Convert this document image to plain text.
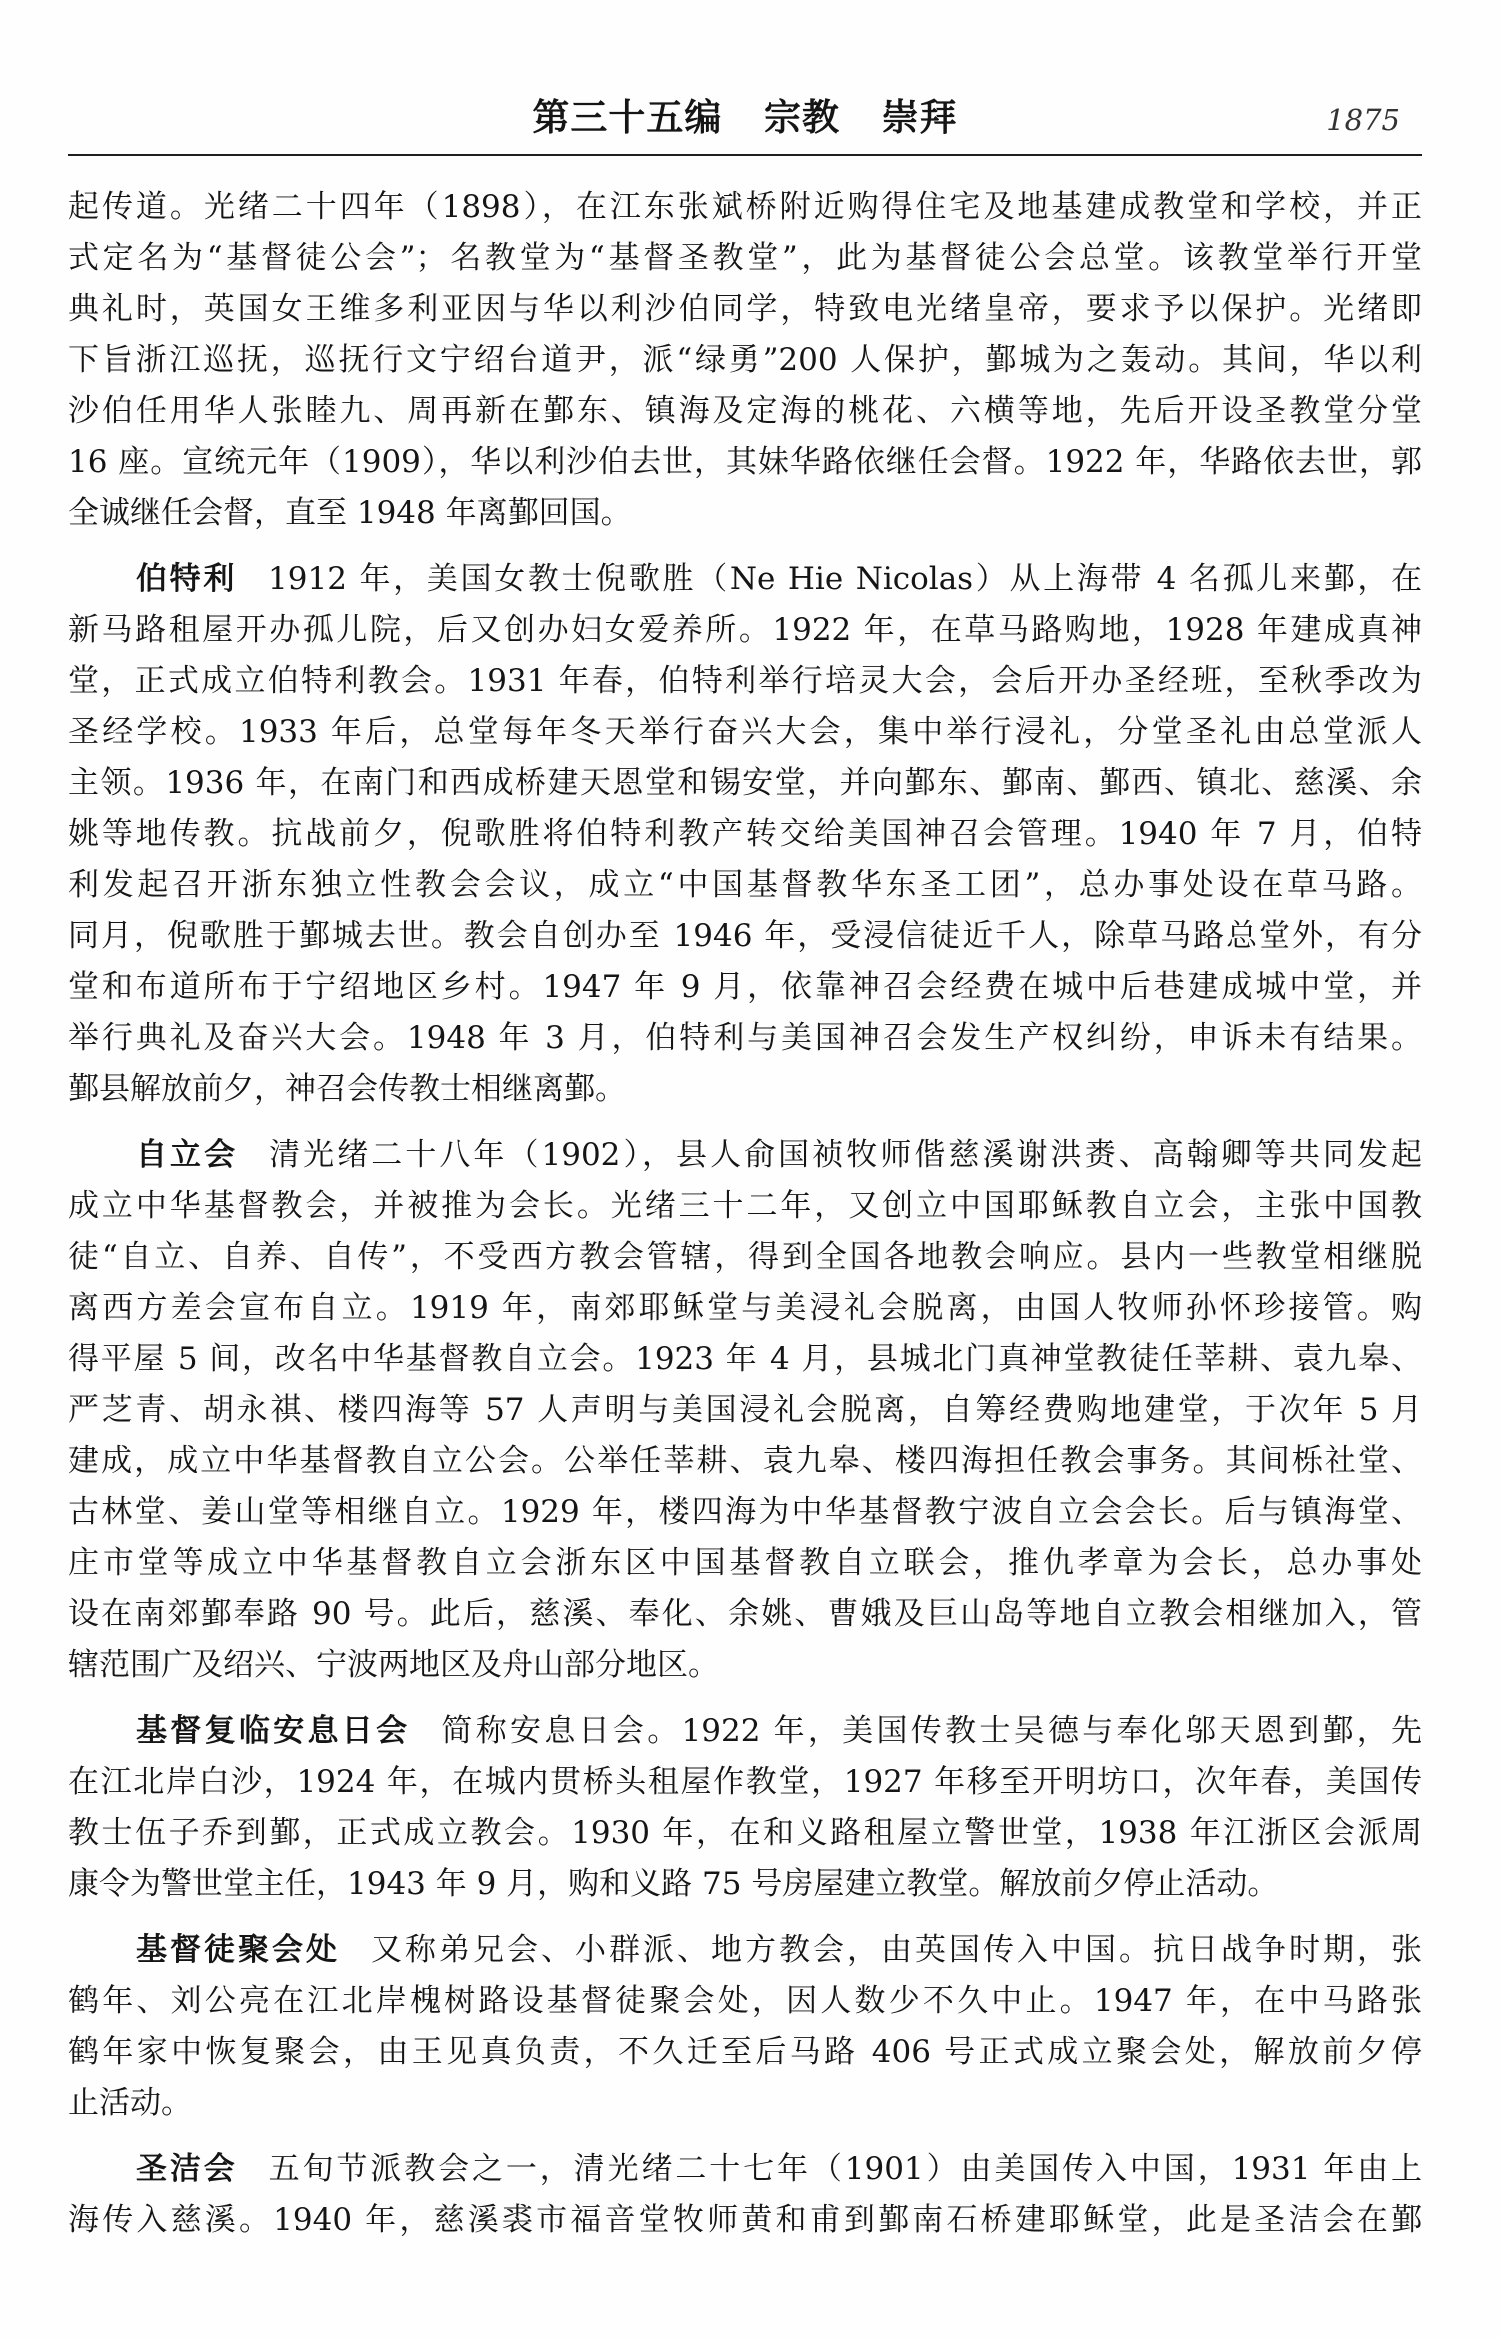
第三十五编 宗教 崇拜	1875
起传道。光绪二十四年（1898），在江东张斌桥附近购得住宅及地基建成教堂和学校，并正
式定名为“基督徒公会”；名教堂为“基督圣教堂”，此为基督徒公会总堂。该教堂举行开堂
典礼时，英国女王维多利亚因与华以利沙伯同学，特致电光绪皇帝，要求予以保护。光绪即
下旨浙江巡抚，巡抚行文宁绍台道尹，派“绿勇”200 人保护，鄞城为之轰动。其间，华以利
沙伯任用华人张睦九、周再新在鄞东、镇海及定海的桃花、六横等地，先后开设圣教堂分堂
16 座。宣统元年（1909），华以利沙伯去世，其妹华路依继任会督。1922 年，华路依去世，郭
全诚继任会督，直至 1948 年离鄞回国。
伯特利 1912 年，美国女教士倪歌胜（Ne Hie Nicolas）从上海带 4 名孤儿来鄞，在
新马路租屋开办孤儿院，后又创办妇女爱养所。1922 年，在草马路购地，1928 年建成真神
堂，正式成立伯特利教会。1931 年春，伯特利举行培灵大会，会后开办圣经班，至秋季改为
圣经学校。1933 年后，总堂每年冬天举行奋兴大会，集中举行浸礼，分堂圣礼由总堂派人
主领。1936 年，在南门和西成桥建天恩堂和锡安堂，并向鄞东、鄞南、鄞西、镇北、慈溪、余
姚等地传教。抗战前夕，倪歌胜将伯特利教产转交给美国神召会管理。1940 年 7 月，伯特
利发起召开浙东独立性教会会议，成立“中国基督教华东圣工团”，总办事处设在草马路。
同月，倪歌胜于鄞城去世。教会自创办至 1946 年，受浸信徒近千人，除草马路总堂外，有分
堂和布道所布于宁绍地区乡村。1947 年 9 月，依靠神召会经费在城中后巷建成城中堂，并
举行典礼及奋兴大会。1948 年 3 月，伯特利与美国神召会发生产权纠纷，申诉未有结果。
鄞县解放前夕，神召会传教士相继离鄞。
自立会 清光绪二十八年（1902），县人俞国祯牧师偕慈溪谢洪赉、高翰卿等共同发起
成立中华基督教会，并被推为会长。光绪三十二年，又创立中国耶稣教自立会，主张中国教
徒“自立、自养、自传”，不受西方教会管辖，得到全国各地教会响应。县内一些教堂相继脱
离西方差会宣布自立。1919 年，南郊耶稣堂与美浸礼会脱离，由国人牧师孙怀珍接管。购
得平屋 5 间，改名中华基督教自立会。1923 年 4 月，县城北门真神堂教徒任莘耕、袁九皋、
严芝青、胡永祺、楼四海等 57 人声明与美国浸礼会脱离，自筹经费购地建堂，于次年 5 月
建成，成立中华基督教自立公会。公举任莘耕、袁九皋、楼四海担任教会事务。其间栎社堂、
古林堂、姜山堂等相继自立。1929 年，楼四海为中华基督教宁波自立会会长。后与镇海堂、
庄市堂等成立中华基督教自立会浙东区中国基督教自立联会，推仇孝章为会长，总办事处
设在南郊鄞奉路 90 号。此后，慈溪、奉化、余姚、曹娥及巨山岛等地自立教会相继加入，管
辖范围广及绍兴、宁波两地区及舟山部分地区。
基督复临安息日会 简称安息日会。1922 年，美国传教士吴德与奉化邬天恩到鄞，先
在江北岸白沙，1924 年，在城内贯桥头租屋作教堂，1927 年移至开明坊口，次年春，美国传
教士伍子乔到鄞，正式成立教会。1930 年，在和义路租屋立警世堂，1938 年江浙区会派周
康令为警世堂主任，1943 年 9 月，购和义路 75 号房屋建立教堂。解放前夕停止活动。
基督徒聚会处 又称弟兄会、小群派、地方教会，由英国传入中国。抗日战争时期，张
鹤年、刘公亮在江北岸槐树路设基督徒聚会处，因人数少不久中止。1947 年，在中马路张
鹤年家中恢复聚会，由王见真负责，不久迁至后马路 406 号正式成立聚会处，解放前夕停
止活动。
圣洁会 五旬节派教会之一，清光绪二十七年（1901）由美国传入中国，1931 年由上
海传入慈溪。1940 年，慈溪裘市福音堂牧师黄和甫到鄞南石桥建耶稣堂，此是圣洁会在鄞
